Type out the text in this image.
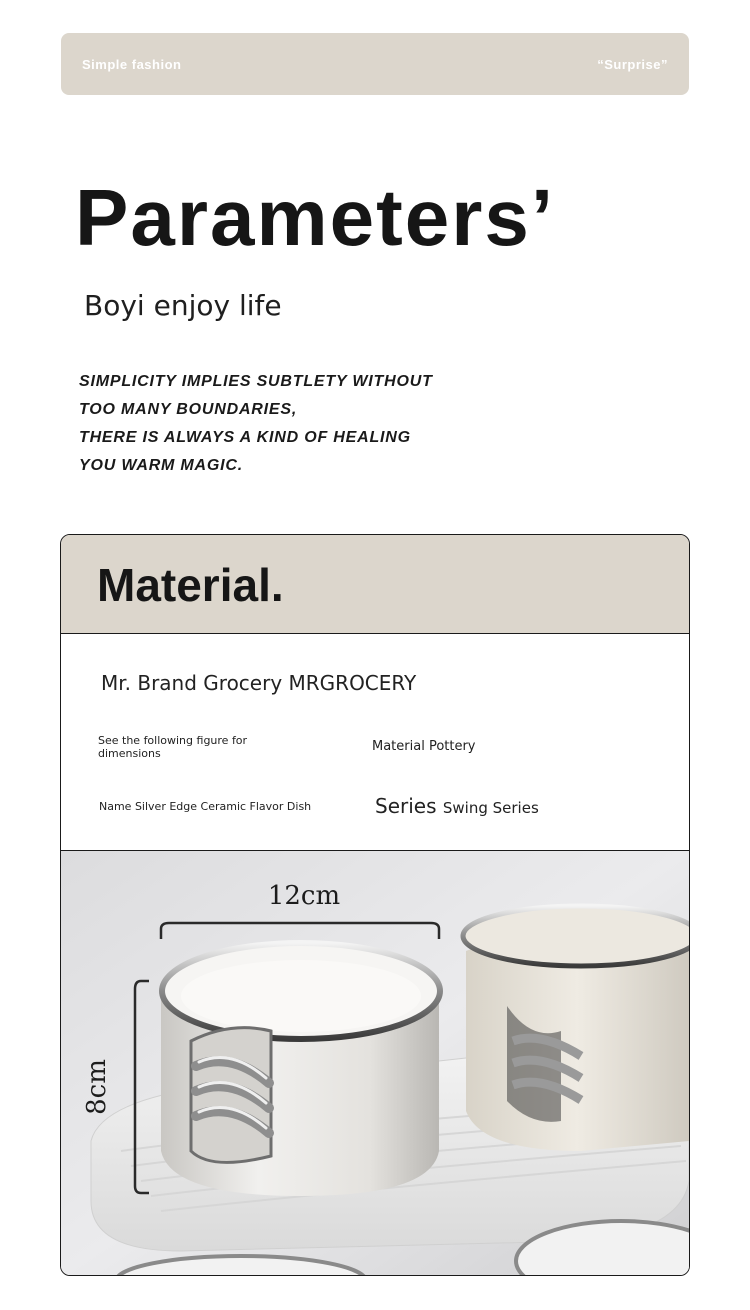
Simple fashion	“Surprise”
Parameters’
Boyi enjoy life
SIMPLICITY IMPLIES SUBTLETY WITHOUT
TOO MANY BOUNDARIES,
THERE IS ALWAYS A KIND OF HEALING
YOU WARM MAGIC.
Material.
Mr. Brand Grocery MRGROCERY
See the following figure for dimensions	Material Pottery
Name Silver Edge Ceramic Flavor Dish	Series Swing Series
12cm
8cm
